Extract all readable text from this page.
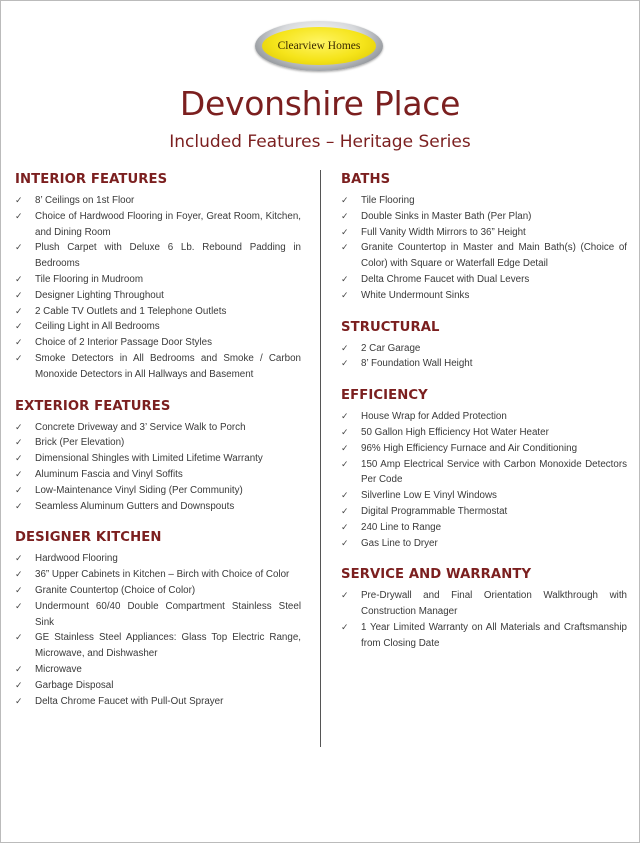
Clearview Homes
Devonshire Place
Included Features – Heritage Series
INTERIOR FEATURES
✓ 8’ Ceilings on 1st Floor
✓ Choice of Hardwood Flooring in Foyer, Great Room, Kitchen, and Dining Room
✓ Plush Carpet with Deluxe 6 Lb. Rebound Padding in Bedrooms
✓ Tile Flooring in Mudroom
✓ Designer Lighting Throughout
✓ 2 Cable TV Outlets and 1 Telephone Outlets
✓ Ceiling Light in All Bedrooms
✓ Choice of 2 Interior Passage Door Styles
✓ Smoke Detectors in All Bedrooms and Smoke / Carbon Monoxide Detectors in All Hallways and Basement
EXTERIOR FEATURES
✓ Concrete Driveway and 3’ Service Walk to Porch
✓ Brick (Per Elevation)
✓ Dimensional Shingles with Limited Lifetime Warranty
✓ Aluminum Fascia and Vinyl Soffits
✓ Low-Maintenance Vinyl Siding (Per Community)
✓ Seamless Aluminum Gutters and Downspouts
DESIGNER KITCHEN
✓ Hardwood Flooring
✓ 36” Upper Cabinets in Kitchen – Birch with Choice of Color
✓ Granite Countertop (Choice of Color)
✓ Undermount 60/40 Double Compartment Stainless Steel Sink
✓ GE Stainless Steel Appliances: Glass Top Electric Range, Microwave, and Dishwasher
✓ Microwave
✓ Garbage Disposal
✓ Delta Chrome Faucet with Pull-Out Sprayer
BATHS
✓ Tile Flooring
✓ Double Sinks in Master Bath (Per Plan)
✓ Full Vanity Width Mirrors to 36” Height
✓ Granite Countertop in Master and Main Bath(s) (Choice of Color) with Square or Waterfall Edge Detail
✓ Delta Chrome Faucet with Dual Levers
✓ White Undermount Sinks
STRUCTURAL
✓ 2 Car Garage
✓ 8’ Foundation Wall Height
EFFICIENCY
✓ House Wrap for Added Protection
✓ 50 Gallon High Efficiency Hot Water Heater
✓ 96% High Efficiency Furnace and Air Conditioning
✓ 150 Amp Electrical Service with Carbon Monoxide Detectors Per Code
✓ Silverline Low E Vinyl Windows
✓ Digital Programmable Thermostat
✓ 240 Line to Range
✓ Gas Line to Dryer
SERVICE AND WARRANTY
✓ Pre-Drywall and Final Orientation Walkthrough with Construction Manager
✓ 1 Year Limited Warranty on All Materials and Craftsmanship from Closing Date
